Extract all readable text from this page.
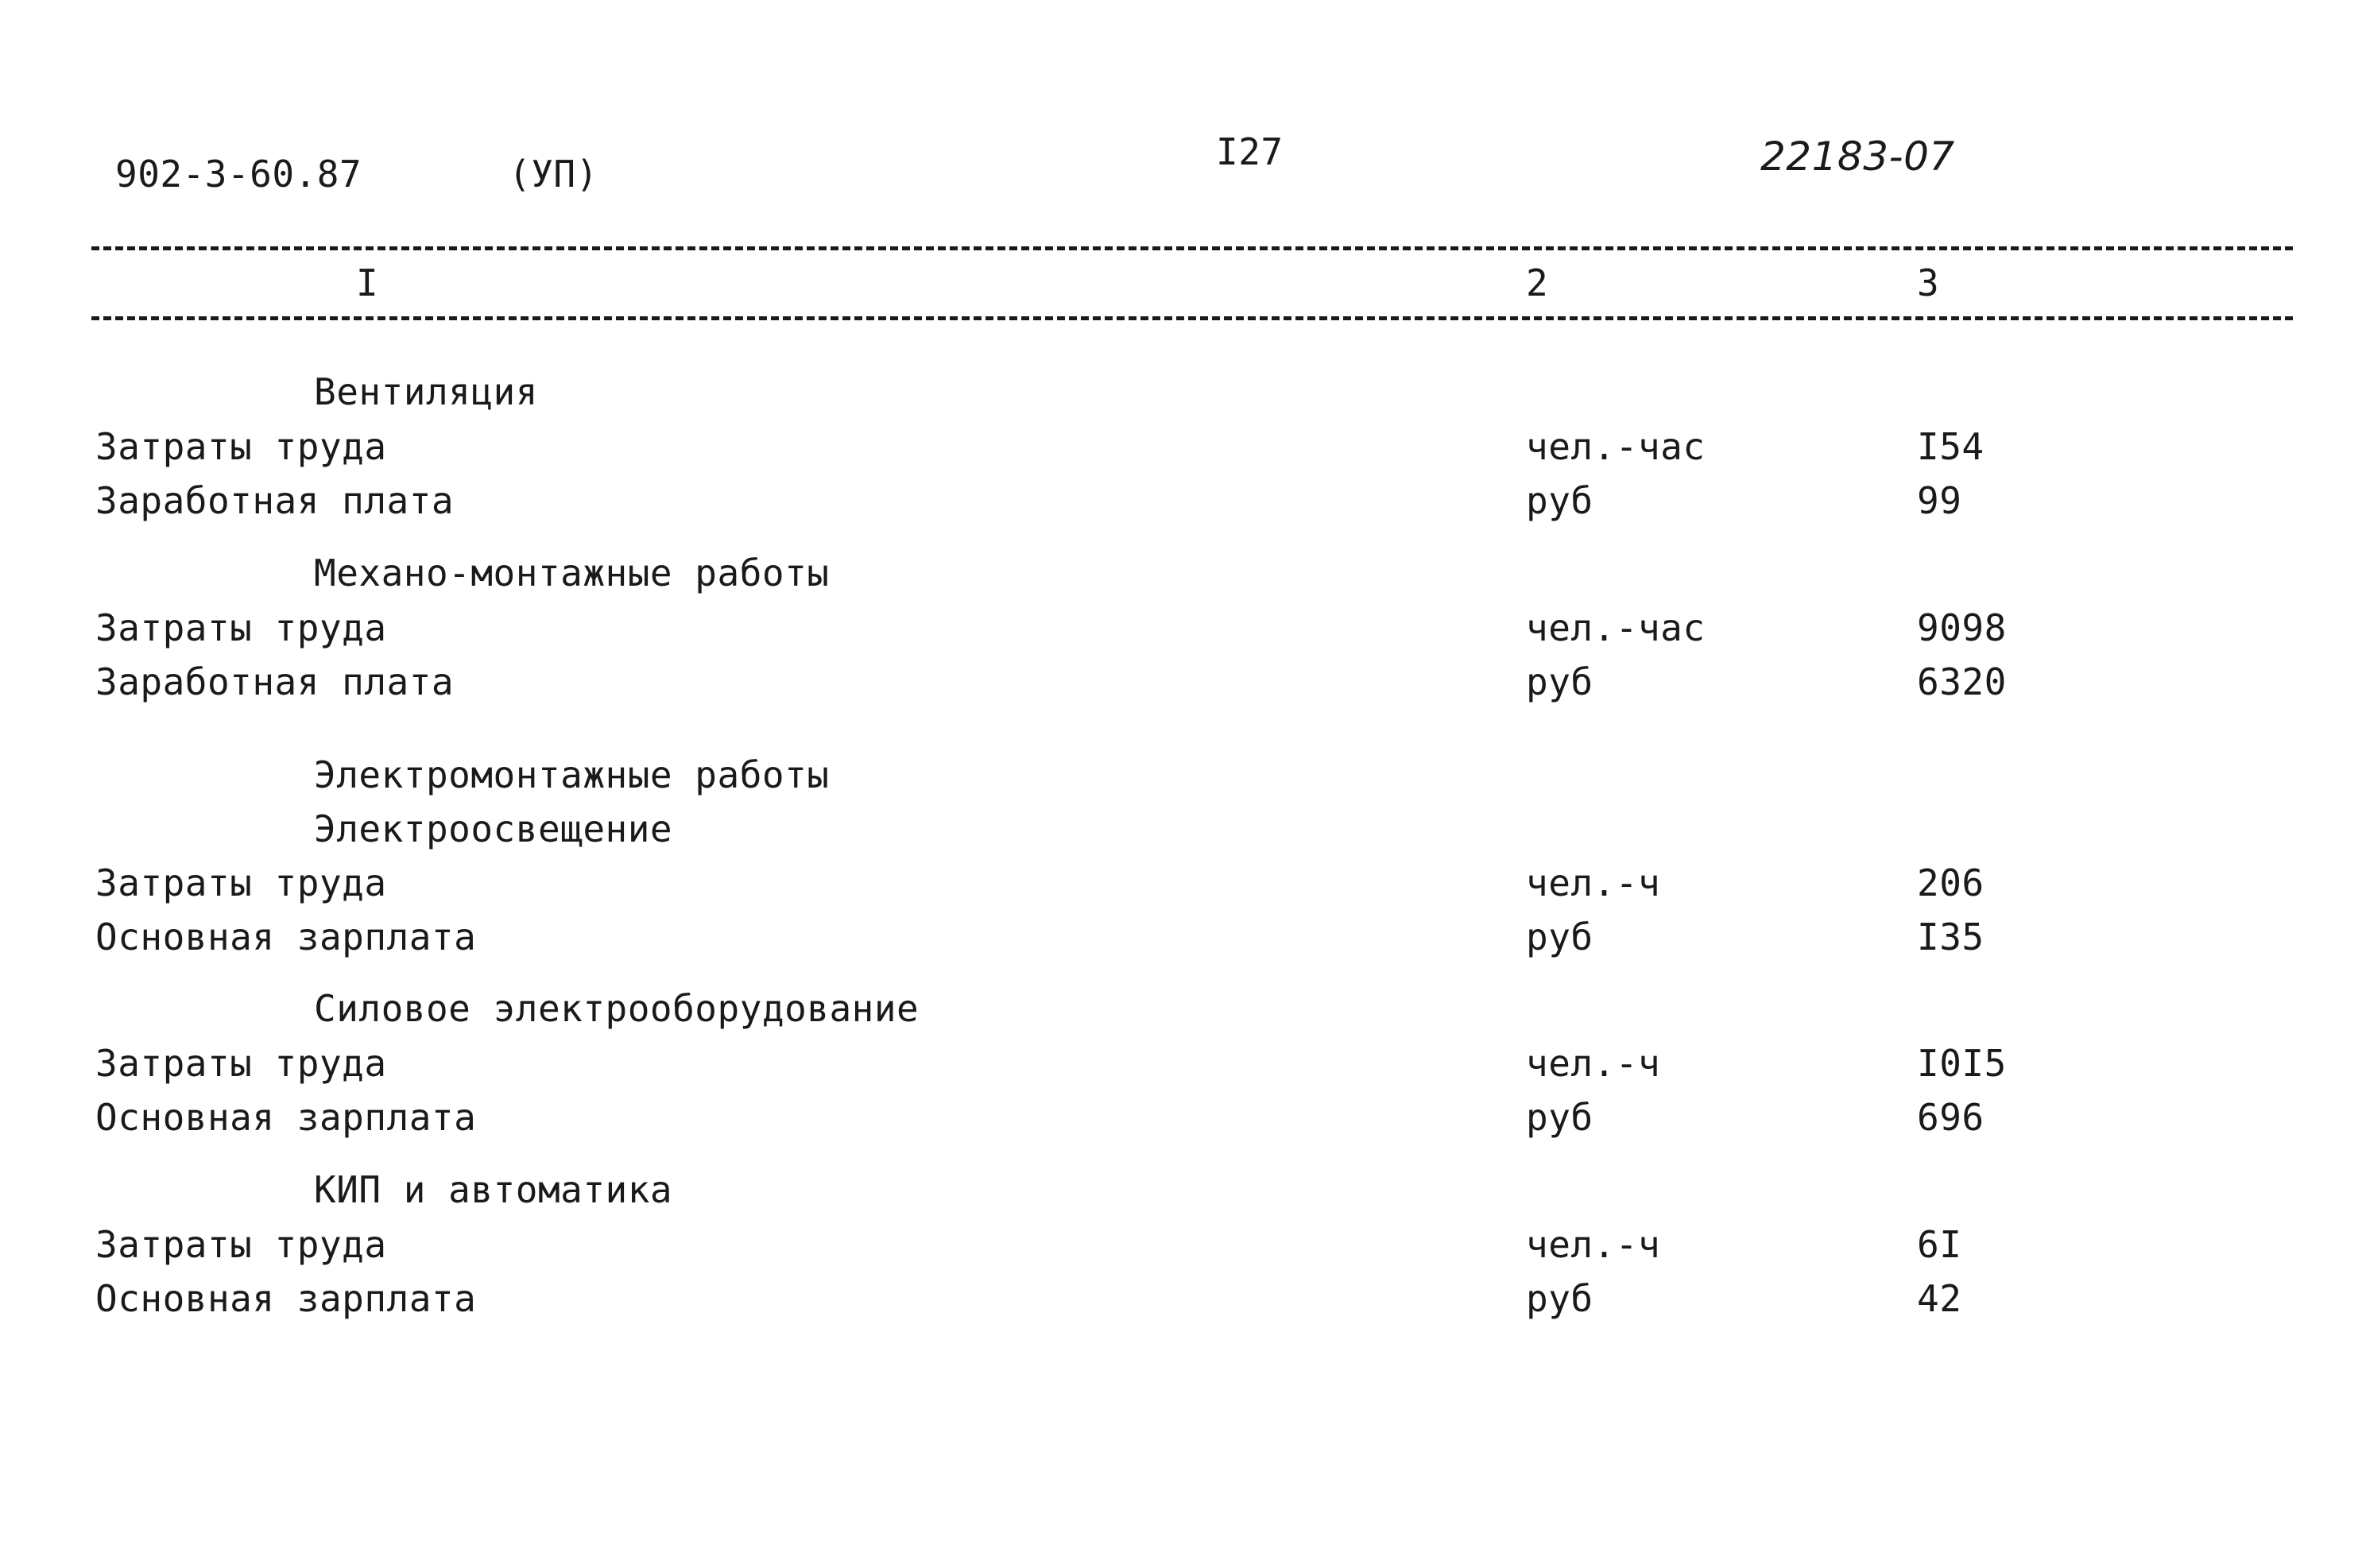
902-3-60.87	(УП)
I27	22183-07
I	2	3
Вентиляция
Затраты труда	чел.-час	I54
Заработная плата	руб	99
Механо-монтажные работы
Затраты труда	чел.-час	9098
Заработная плата	руб	6320
Электромонтажные работы
Электроосвещение
Затраты труда	чел.-ч	206
Основная зарплата	руб	I35
Силовое электрооборудование
Затраты труда	чел.-ч	I0I5
Основная зарплата	руб	696
КИП и автоматика
Затраты труда	чел.-ч	6I
Основная зарплата	руб	42
